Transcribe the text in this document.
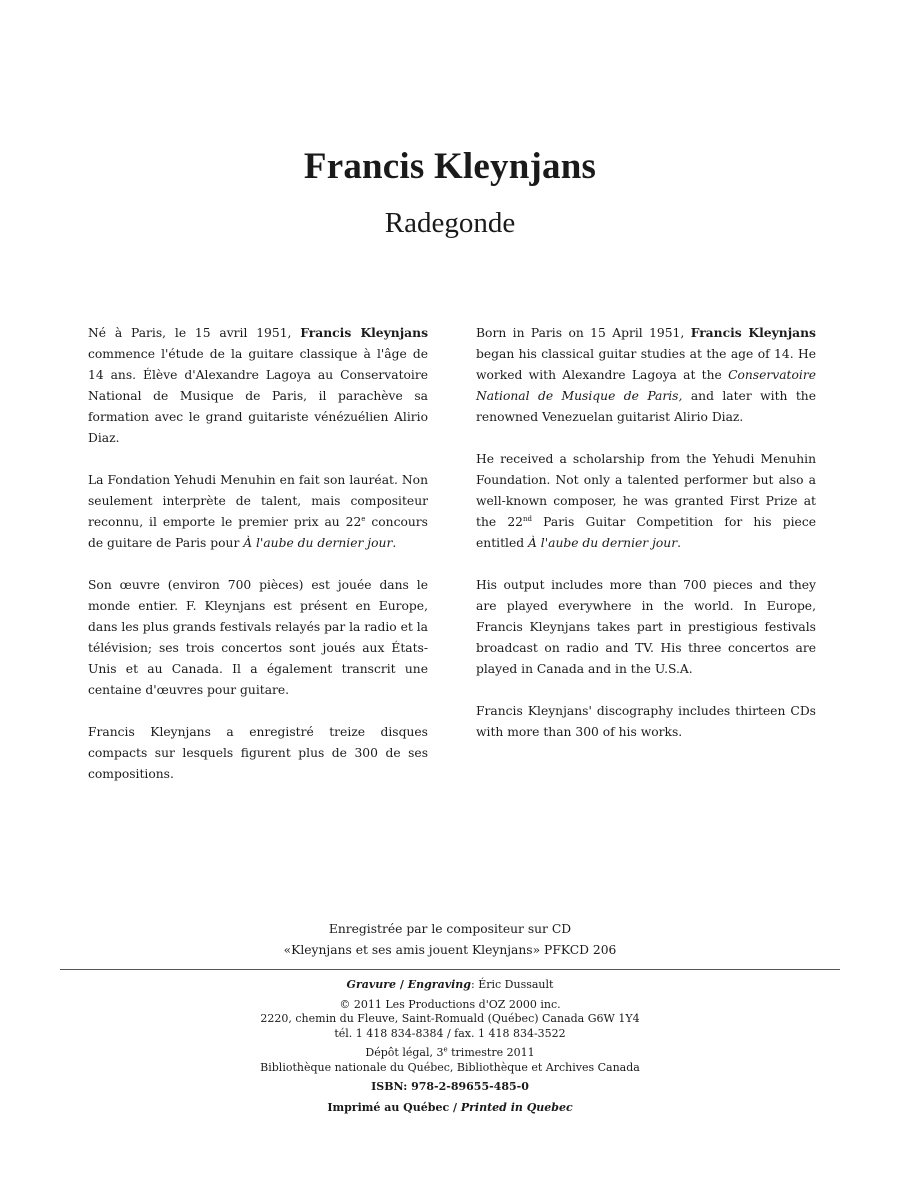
Francis Kleynjans
Radegonde

Né à Paris, le 15 avril 1951, Francis Kleynjans commence l'étude de la guitare classique à l'âge de 14 ans. Élève d'Alexandre Lagoya au Conservatoire National de Musique de Paris, il parachève sa formation avec le grand guitariste vénézuélien Alirio Diaz.

La Fondation Yehudi Menuhin en fait son lauréat. Non seulement interprète de talent, mais compositeur reconnu, il emporte le premier prix au 22e concours de guitare de Paris pour À l'aube du dernier jour.

Son œuvre (environ 700 pièces) est jouée dans le monde entier. F. Kleynjans est présent en Europe, dans les plus grands festivals relayés par la radio et la télévision; ses trois concertos sont joués aux États-Unis et au Canada. Il a également transcrit une centaine d'œuvres pour guitare.

Francis Kleynjans a enregistré treize disques compacts sur lesquels figurent plus de 300 de ses compositions.

Born in Paris on 15 April 1951, Francis Kleynjans began his classical guitar studies at the age of 14. He worked with Alexandre Lagoya at the Conservatoire National de Musique de Paris, and later with the renowned Venezuelan guitarist Alirio Diaz.

He received a scholarship from the Yehudi Menuhin Foundation. Not only a talented performer but also a well-known composer, he was granted First Prize at the 22nd Paris Guitar Competition for his piece entitled À l'aube du dernier jour.

His output includes more than 700 pieces and they are played everywhere in the world. In Europe, Francis Kleynjans takes part in prestigious festivals broadcast on radio and TV. His three concertos are played in Canada and in the U.S.A.

Francis Kleynjans' discography includes thirteen CDs with more than 300 of his works.

Enregistrée par le compositeur sur CD
«Kleynjans et ses amis jouent Kleynjans» PFKCD 206
Gravure / Engraving: Éric Dussault
© 2011 Les Productions d'OZ 2000 inc.
2220, chemin du Fleuve, Saint-Romuald (Québec) Canada G6W 1Y4
tél. 1 418 834-8384 / fax. 1 418 834-3522
Dépôt légal, 3e trimestre 2011
Bibliothèque nationale du Québec, Bibliothèque et Archives Canada
ISBN: 978-2-89655-485-0
Imprimé au Québec / Printed in Quebec
